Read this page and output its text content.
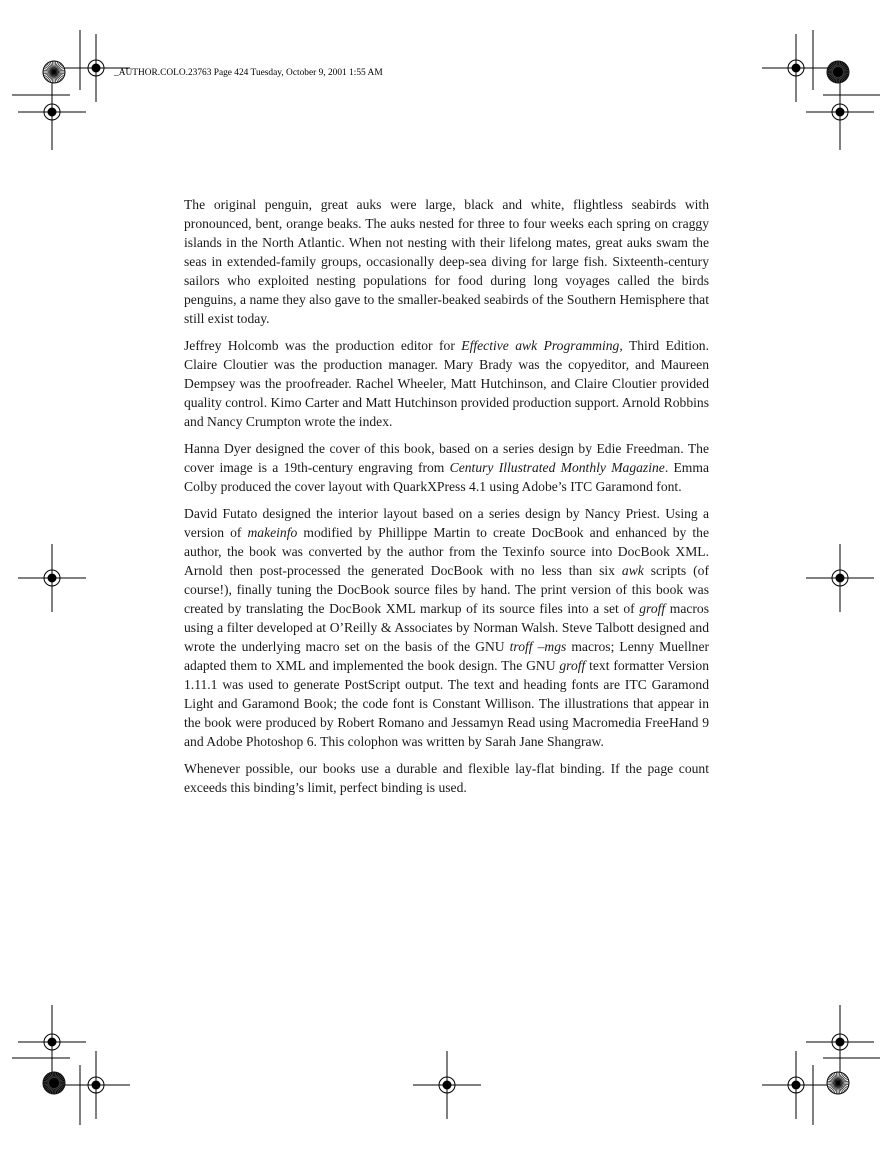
_AUTHOR.COLO.23763 Page 424 Tuesday, October 9, 2001 1:55 AM

The original penguin, great auks were large, black and white, flightless seabirds with pronounced, bent, orange beaks. The auks nested for three to four weeks each spring on craggy islands in the North Atlantic. When not nesting with their lifelong mates, great auks swam the seas in extended-family groups, occasionally deep-sea diving for large fish. Sixteenth-century sailors who exploited nesting populations for food during long voyages called the birds penguins, a name they also gave to the smaller-beaked seabirds of the Southern Hemisphere that still exist today.

Jeffrey Holcomb was the production editor for Effective awk Programming, Third Edition. Claire Cloutier was the production manager. Mary Brady was the copyeditor, and Maureen Dempsey was the proofreader. Rachel Wheeler, Matt Hutchinson, and Claire Cloutier provided quality control. Kimo Carter and Matt Hutchinson provided production support. Arnold Robbins and Nancy Crumpton wrote the index.

Hanna Dyer designed the cover of this book, based on a series design by Edie Freedman. The cover image is a 19th-century engraving from Century Illustrated Monthly Magazine. Emma Colby produced the cover layout with QuarkXPress 4.1 using Adobe’s ITC Garamond font.

David Futato designed the interior layout based on a series design by Nancy Priest. Using a version of makeinfo modified by Phillippe Martin to create DocBook and enhanced by the author, the book was converted by the author from the Texinfo source into DocBook XML. Arnold then post-processed the generated DocBook with no less than six awk scripts (of course!), finally tuning the DocBook source files by hand. The print version of this book was created by translating the DocBook XML markup of its source files into a set of groff macros using a filter developed at O’Reilly & Associates by Norman Walsh. Steve Talbott designed and wrote the underlying macro set on the basis of the GNU troff –mgs macros; Lenny Muellner adapted them to XML and implemented the book design. The GNU groff text formatter Version 1.11.1 was used to generate PostScript output. The text and heading fonts are ITC Garamond Light and Garamond Book; the code font is Constant Willison. The illustrations that appear in the book were produced by Robert Romano and Jessamyn Read using Macromedia FreeHand 9 and Adobe Photoshop 6. This colophon was written by Sarah Jane Shangraw.

Whenever possible, our books use a durable and flexible lay-flat binding. If the page count exceeds this binding’s limit, perfect binding is used.
